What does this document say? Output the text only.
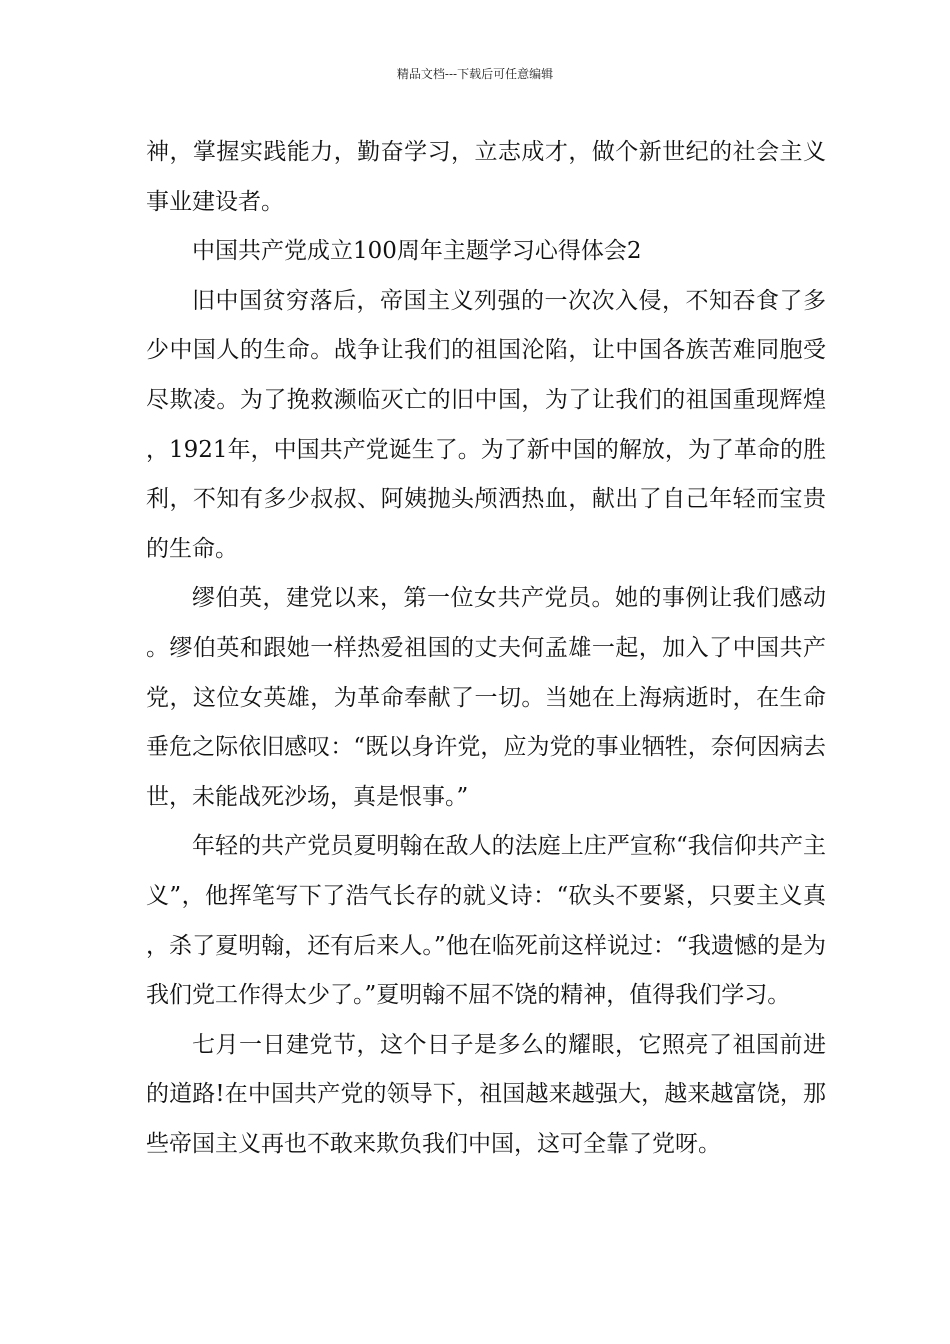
精品文档---下载后可任意编辑

神，掌握实践能力，勤奋学习，立志成才，做个新世纪的社会主义事业建设者。

中国共产党成立100周年主题学习心得体会2

旧中国贫穷落后，帝国主义列强的一次次入侵，不知吞食了多少中国人的生命。战争让我们的祖国沦陷，让中国各族苦难同胞受尽欺凌。为了挽救濒临灭亡的旧中国，为了让我们的祖国重现辉煌，1921年，中国共产党诞生了。为了新中国的解放，为了革命的胜利，不知有多少叔叔、阿姨抛头颅洒热血，献出了自己年轻而宝贵的生命。

缪伯英，建党以来，第一位女共产党员。她的事例让我们感动。缪伯英和跟她一样热爱祖国的丈夫何孟雄一起，加入了中国共产党，这位女英雄，为革命奉献了一切。当她在上海病逝时，在生命垂危之际依旧感叹：“既以身许党，应为党的事业牺牲，奈何因病去世，未能战死沙场，真是恨事。”

年轻的共产党员夏明翰在敌人的法庭上庄严宣称“我信仰共产主义”，他挥笔写下了浩气长存的就义诗：“砍头不要紧，只要主义真，杀了夏明翰，还有后来人。”他在临死前这样说过：“我遗憾的是为我们党工作得太少了。”夏明翰不屈不饶的精神，值得我们学习。

七月一日建党节，这个日子是多么的耀眼，它照亮了祖国前进的道路!在中国共产党的领导下，祖国越来越强大，越来越富饶，那些帝国主义再也不敢来欺负我们中国，这可全靠了党呀。
